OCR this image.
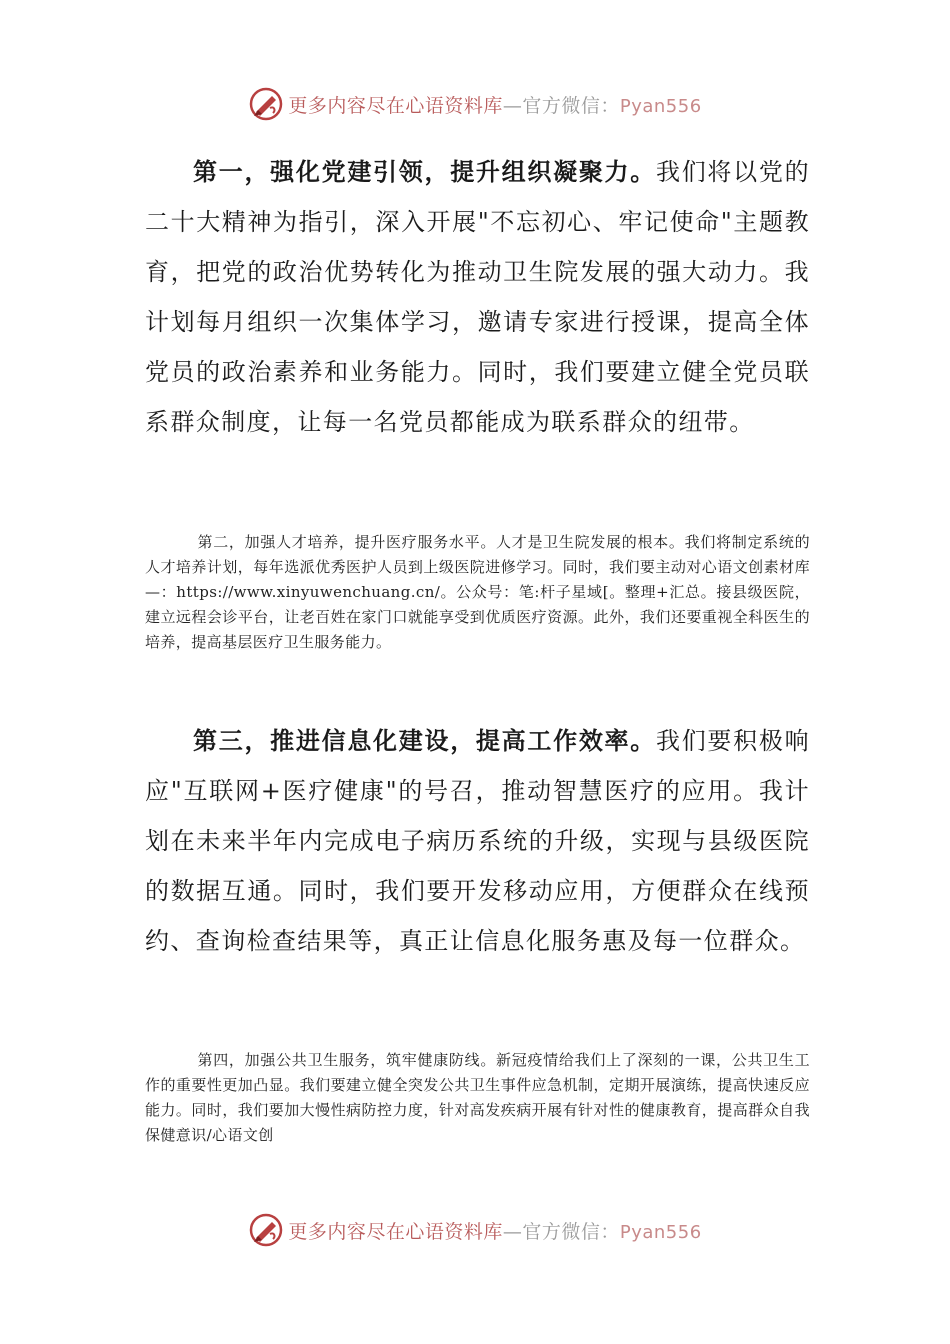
更多内容尽在心语资料库—官方微信：Pyan556

第一，强化党建引领，提升组织凝聚力。我们将以党的二十大精神为指引，深入开展"不忘初心、牢记使命"主题教育，把党的政治优势转化为推动卫生院发展的强大动力。我计划每月组织一次集体学习，邀请专家进行授课，提高全体党员的政治素养和业务能力。同时，我们要建立健全党员联系群众制度，让每一名党员都能成为联系群众的纽带。

第二，加强人才培养，提升医疗服务水平。人才是卫生院发展的根本。我们将制定系统的人才培养计划，每年选派优秀医护人员到上级医院进修学习。同时，我们要主动对心语文创素材库—：https://www.xinyuwenchuang.cn/。公众号：笔:杆子星域[。整理+汇总。接县级医院，建立远程会诊平台，让老百姓在家门口就能享受到优质医疗资源。此外，我们还要重视全科医生的培养，提高基层医疗卫生服务能力。

第三，推进信息化建设，提高工作效率。我们要积极响应"互联网+医疗健康"的号召，推动智慧医疗的应用。我计划在未来半年内完成电子病历系统的升级，实现与县级医院的数据互通。同时，我们要开发移动应用，方便群众在线预约、查询检查结果等，真正让信息化服务惠及每一位群众。

第四，加强公共卫生服务，筑牢健康防线。新冠疫情给我们上了深刻的一课，公共卫生工作的重要性更加凸显。我们要建立健全突发公共卫生事件应急机制，定期开展演练，提高快速反应能力。同时，我们要加大慢性病防控力度，针对高发疾病开展有针对性的健康教育，提高群众自我保健意识/心语文创

更多内容尽在心语资料库—官方微信：Pyan556
